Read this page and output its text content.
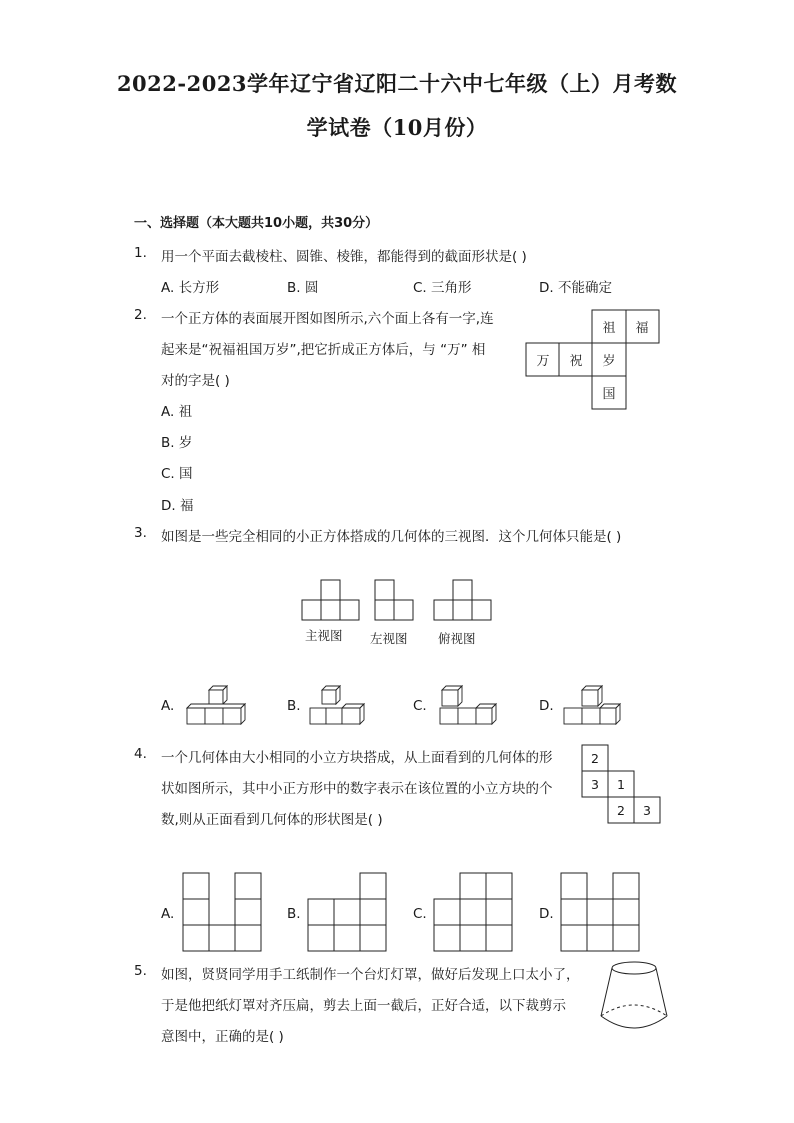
2022-2023学年辽宁省辽阳二十六中七年级（上）月考数
学试卷（10月份）
一、选择题（本大题共10小题，共30分）
1. 用一个平面去截棱柱、圆锥、棱锥，都能得到的截面形状是( )
A. 长方形	B. 圆	C. 三角形	D. 不能确定
2. 一个正方体的表面展开图如图所示,六个面上各有一字,连
起来是“祝福祖国万岁”,把它折成正方体后，与 “万” 相
对的字是( )
A. 祖
B. 岁
C. 国
D. 福
祖 福
万 祝 岁
国
3. 如图是一些完全相同的小正方体搭成的几何体的三视图．这个几何体只能是( )
主视图 左视图 俯视图
A.	B.	C.	D.
4. 一个几何体由大小相同的小立方块搭成，从上面看到的几何体的形
状如图所示，其中小正方形中的数字表示在该位置的小立方块的个
数,则从正面看到几何体的形状图是( )
2
3 1
2 3
A.	B.	C.	D.
5. 如图，贤贤同学用手工纸制作一个台灯灯罩，做好后发现上口太小了，
于是他把纸灯罩对齐压扁，剪去上面一截后，正好合适，以下裁剪示
意图中，正确的是( )
